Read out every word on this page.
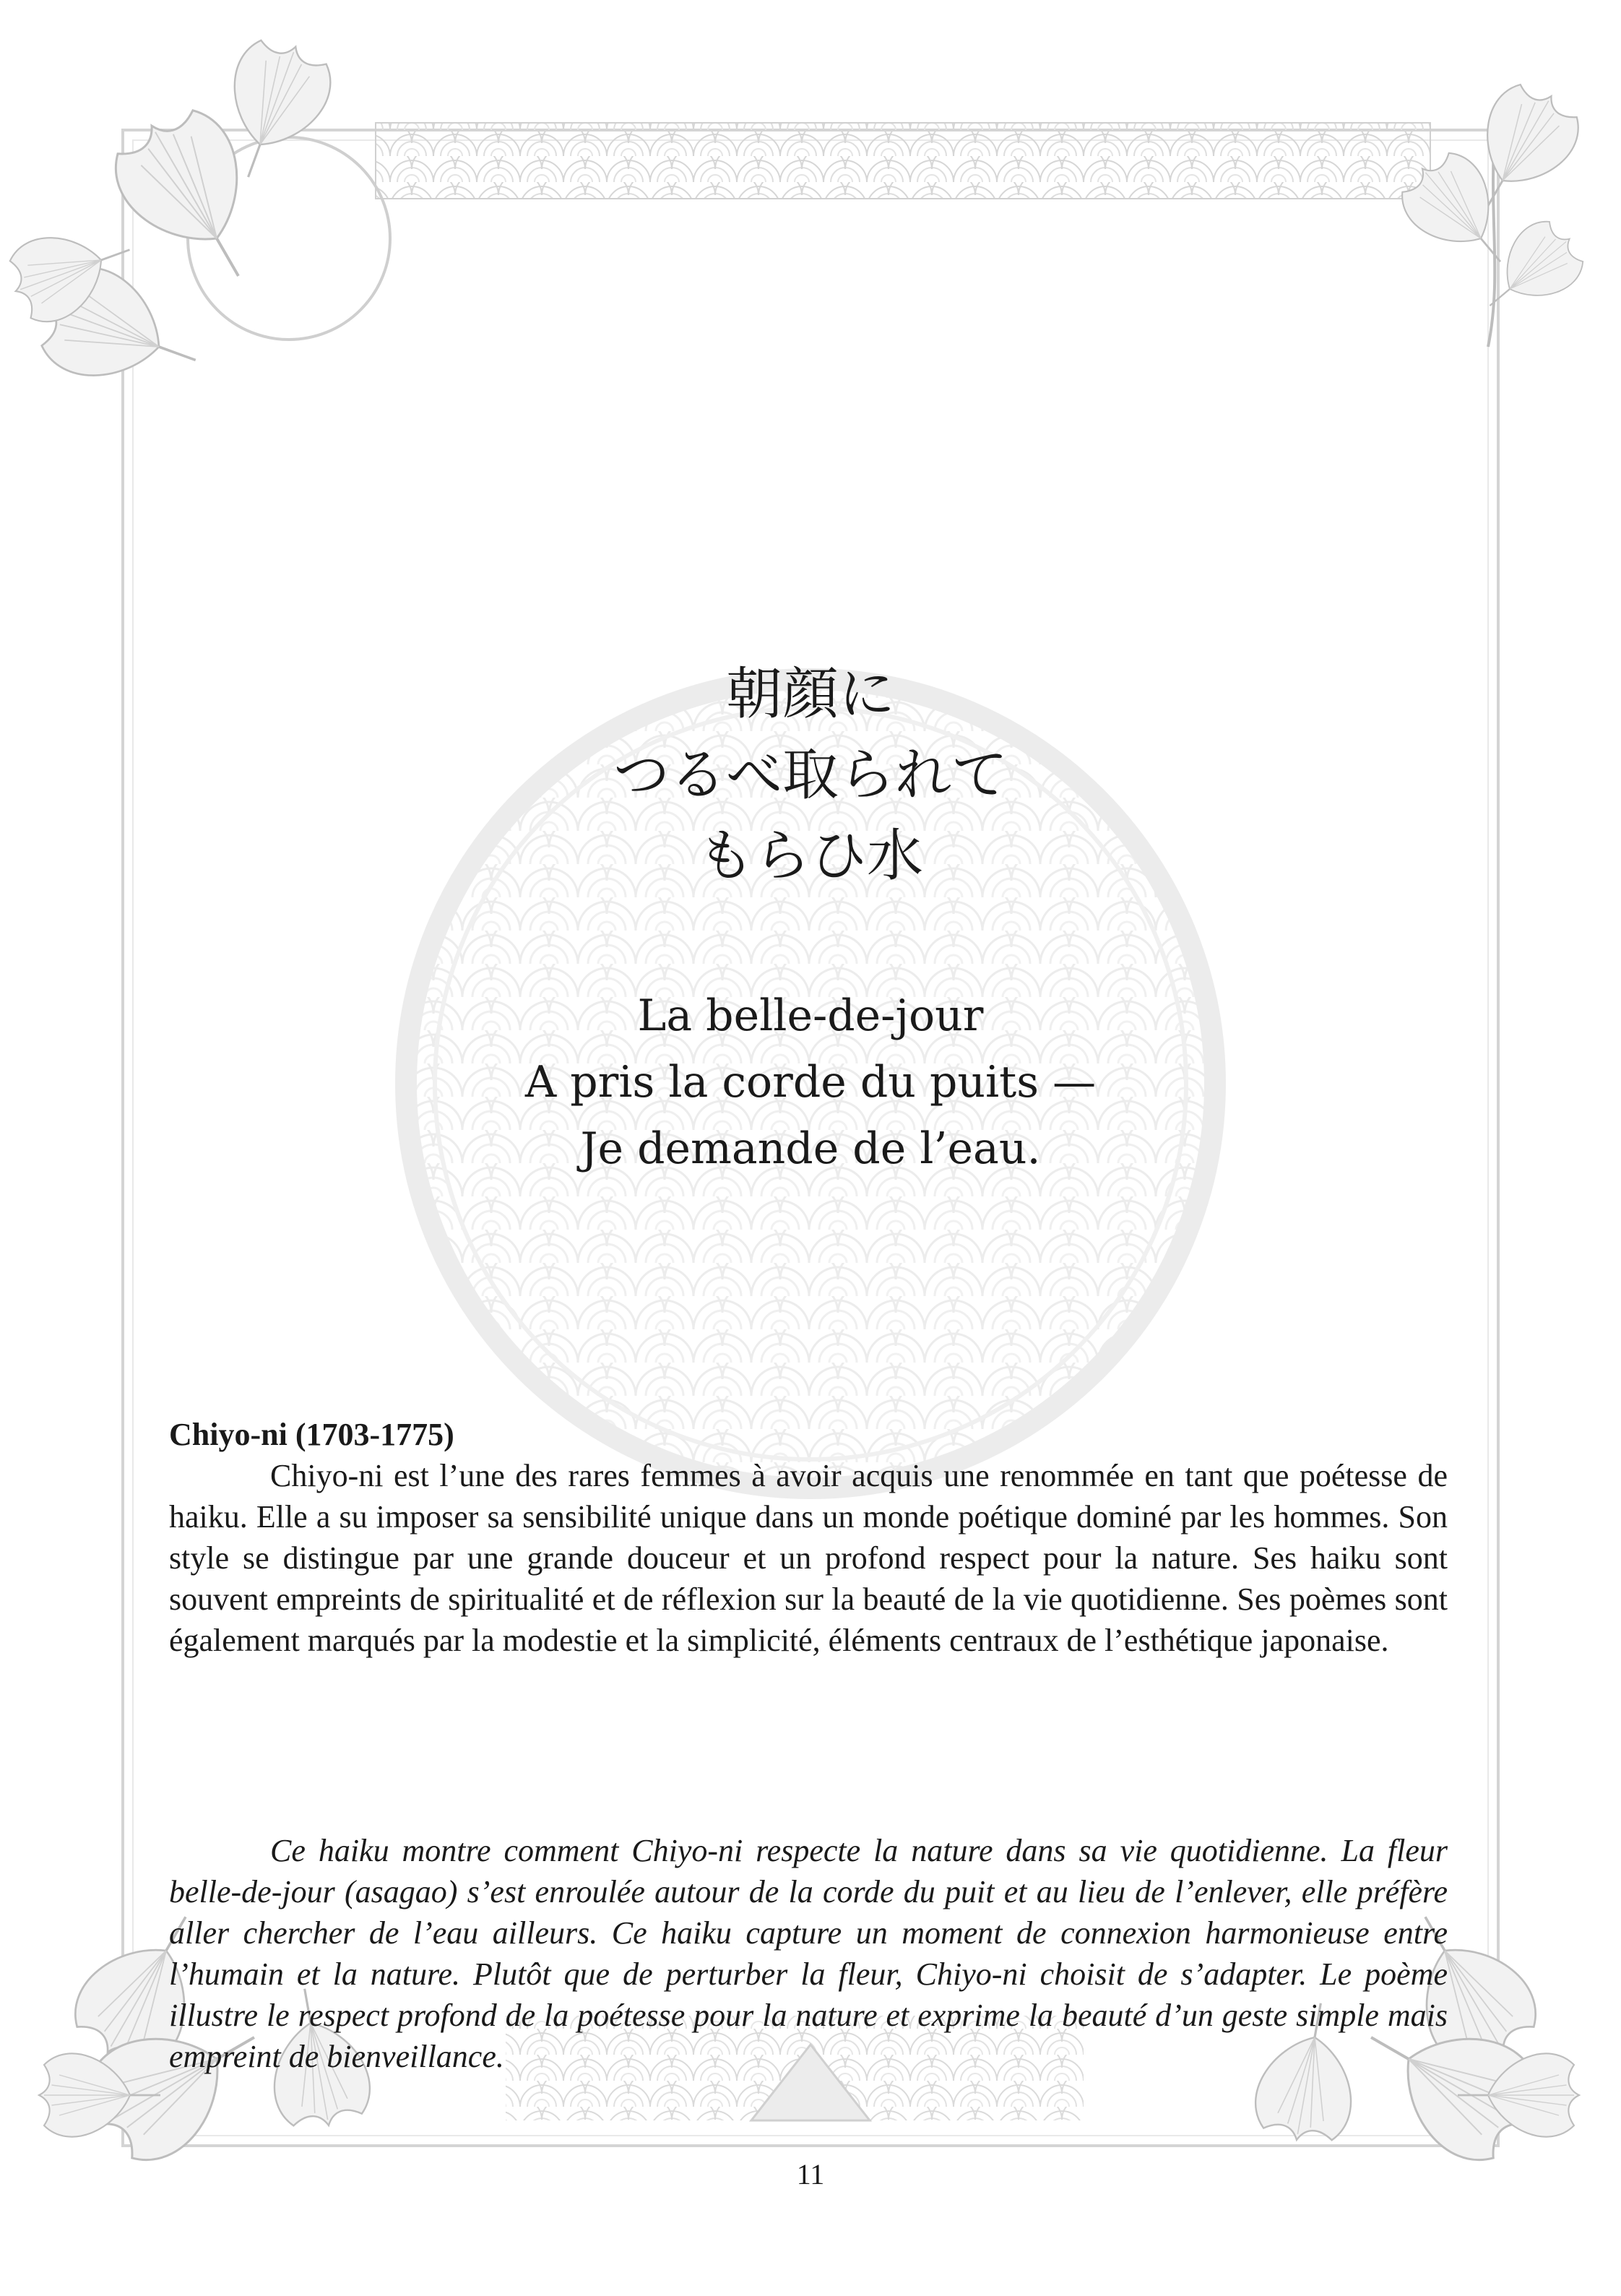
朝顔に
つるべ取られて
もらひ水
La belle-de-jour
A pris la corde du puits —
Je demande de l’eau.

Chiyo-ni (1703-1775)

Chiyo-ni est l’une des rares femmes à avoir acquis une renommée en tant que poétesse de haiku. Elle a su imposer sa sensibilité unique dans un monde poétique dominé par les hommes. Son style se distingue par une grande douceur et un profond respect pour la nature. Ses haiku sont souvent empreints de spiritualité et de réflexion sur la beauté de la vie quotidienne. Ses poèmes sont également marqués par la modestie et la simplicité, éléments centraux de l’esthétique japonaise.

Ce haiku montre comment Chiyo-ni respecte la nature dans sa vie quotidienne. La fleur belle-de-jour (asagao) s’est enroulée autour de la corde du puit et au lieu de l’enlever, elle préfère aller chercher de l’eau ailleurs. Ce haiku capture un moment de connexion harmonieuse entre l’humain et la nature. Plutôt que de perturber la fleur, Chiyo-ni choisit de s’adapter. Le poème illustre le respect profond de la poétesse pour la nature et exprime la beauté d’un geste simple mais empreint de bienveillance.

11
